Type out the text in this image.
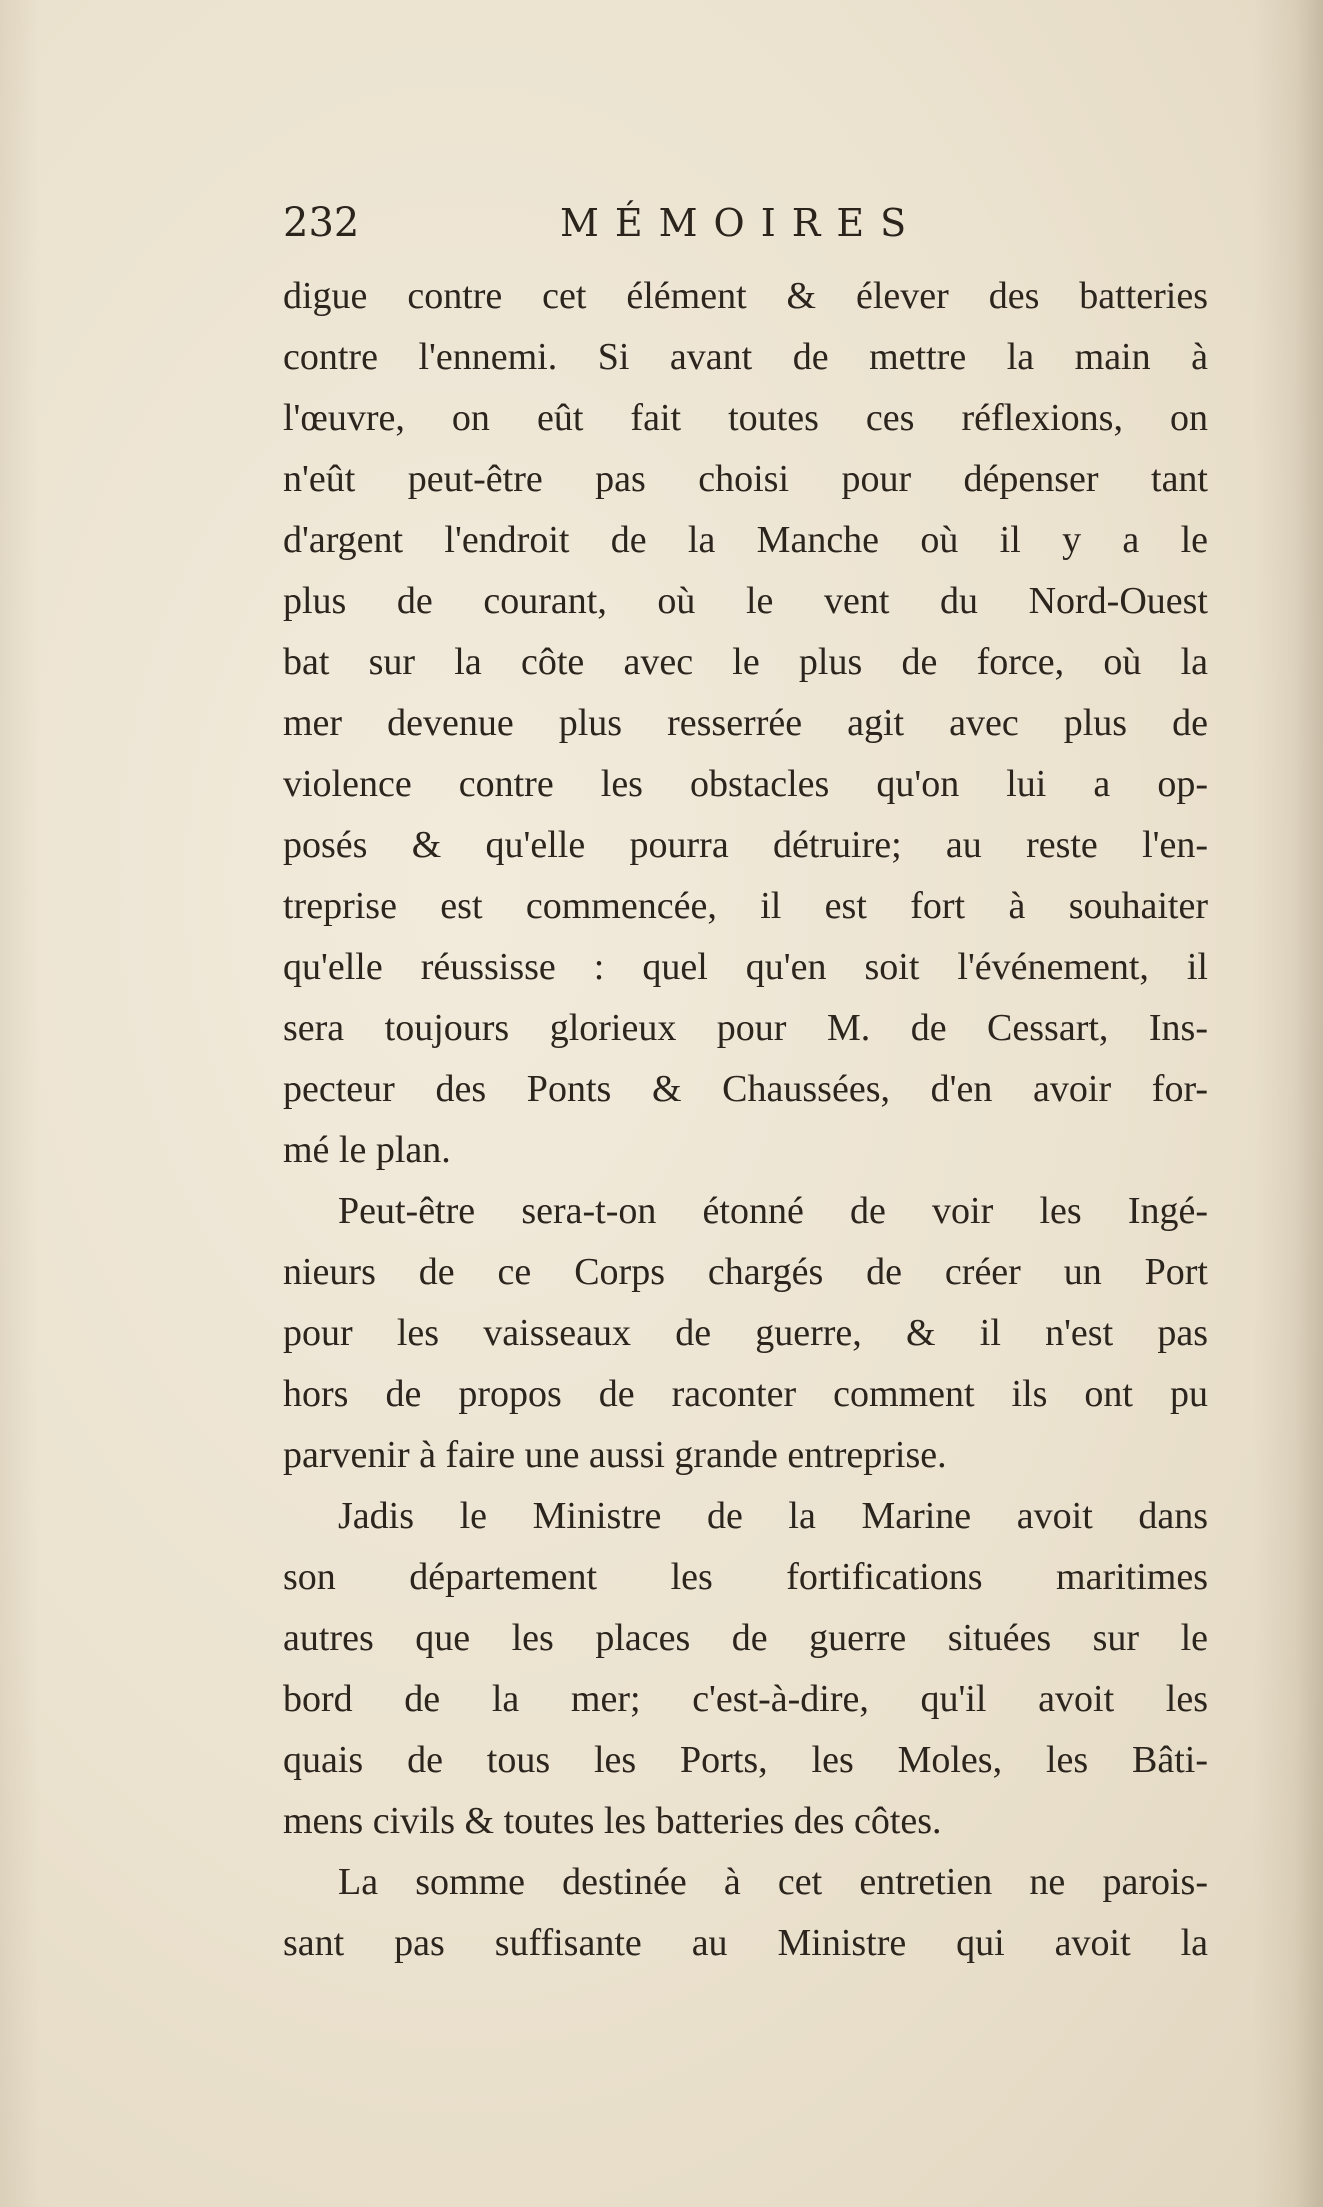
232	MÉMOIRES
digue contre cet élément & élever des batteries
contre l'ennemi. Si avant de mettre la main à
l'œuvre, on eût fait toutes ces réflexions, on
n'eût peut-être pas choisi pour dépenser tant
d'argent l'endroit de la Manche où il y a le
plus de courant, où le vent du Nord-Ouest
bat sur la côte avec le plus de force, où la
mer devenue plus resserrée agit avec plus de
violence contre les obstacles qu'on lui a op-
posés & qu'elle pourra détruire; au reste l'en-
treprise est commencée, il est fort à souhaiter
qu'elle réussisse : quel qu'en soit l'événement, il
sera toujours glorieux pour M. de Cessart, Ins-
pecteur des Ponts & Chaussées, d'en avoir for-
mé le plan.
Peut-être sera-t-on étonné de voir les Ingé-
nieurs de ce Corps chargés de créer un Port
pour les vaisseaux de guerre, & il n'est pas
hors de propos de raconter comment ils ont pu
parvenir à faire une aussi grande entreprise.
Jadis le Ministre de la Marine avoit dans
son département les fortifications maritimes
autres que les places de guerre situées sur le
bord de la mer; c'est-à-dire, qu'il avoit les
quais de tous les Ports, les Moles, les Bâti-
mens civils & toutes les batteries des côtes.
La somme destinée à cet entretien ne parois-
sant pas suffisante au Ministre qui avoit la
